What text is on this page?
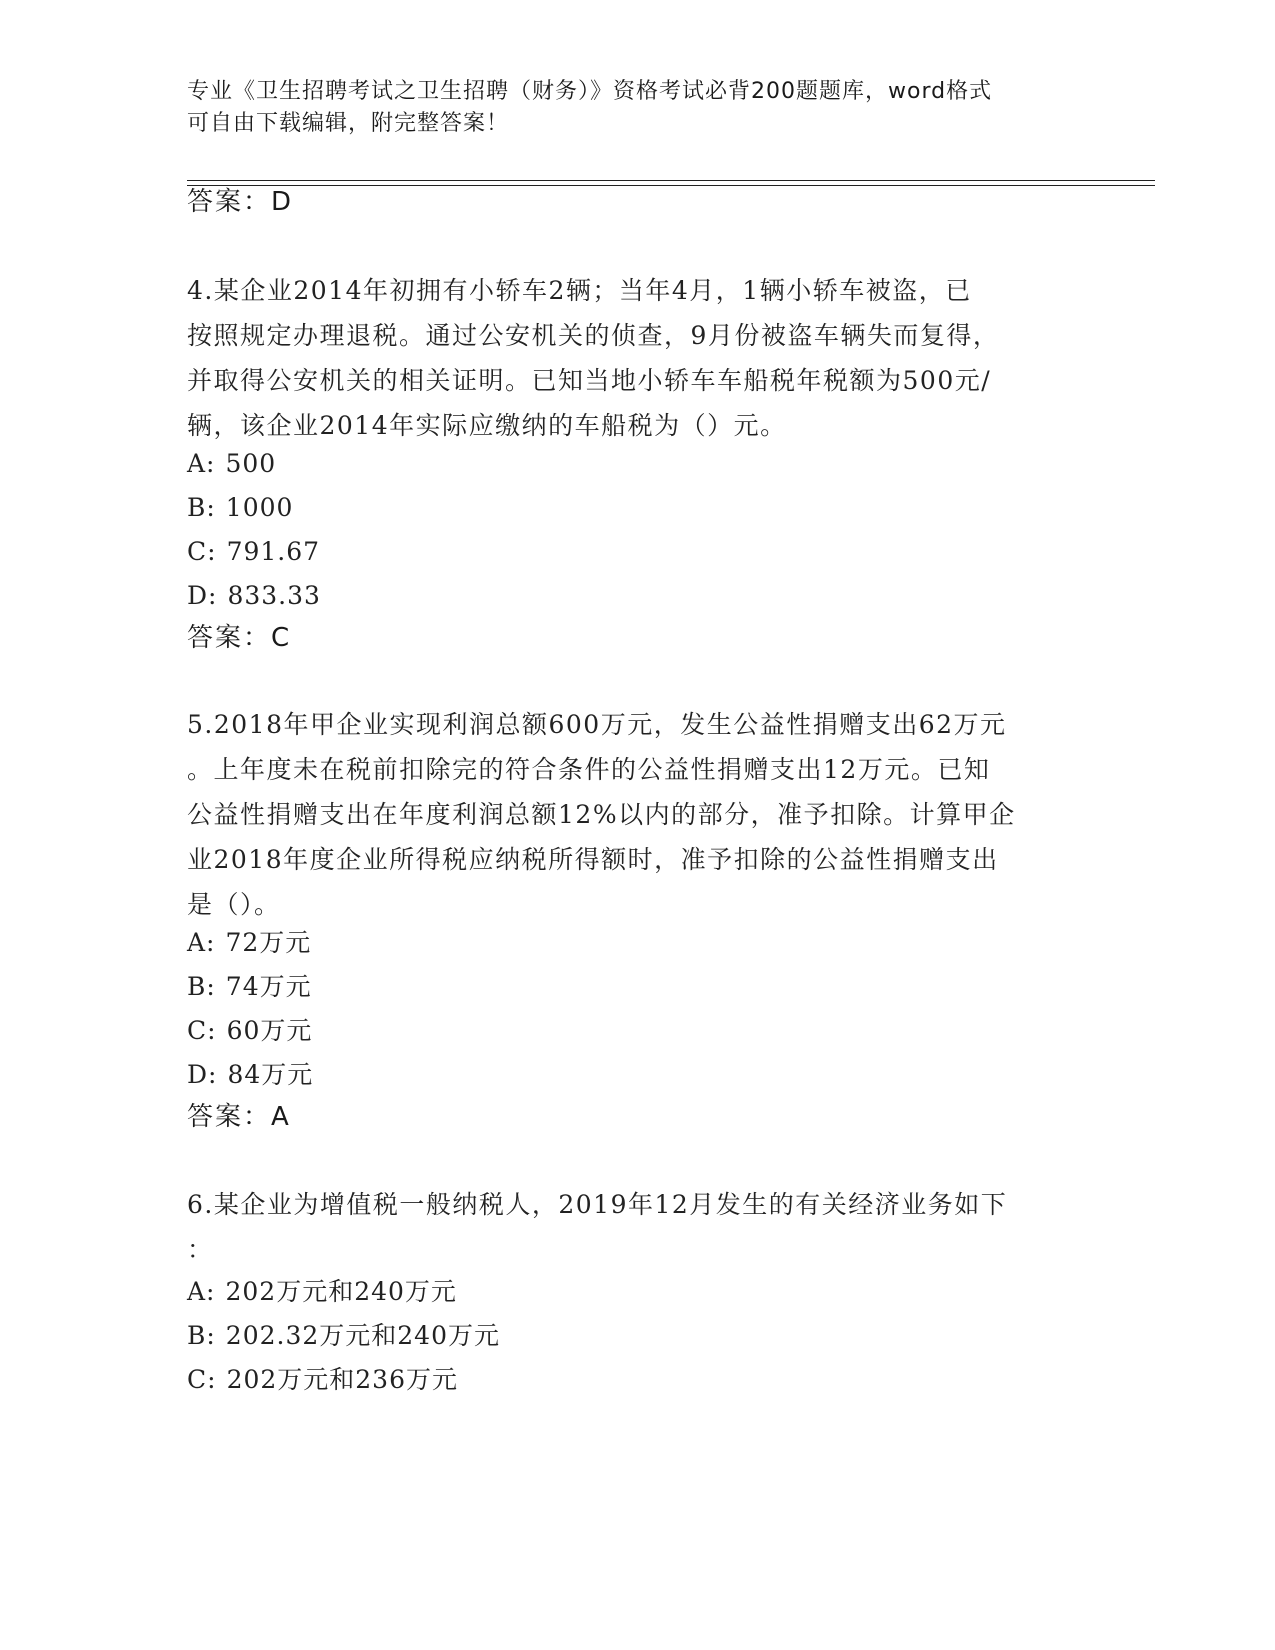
专业《卫生招聘考试之卫生招聘（财务）》资格考试必背200题题库，word格式
可自由下载编辑，附完整答案！
答案：D
4.某企业2014年初拥有小轿车2辆；当年4月，1辆小轿车被盗，已
按照规定办理退税。通过公安机关的侦查，9月份被盗车辆失而复得，
并取得公安机关的相关证明。已知当地小轿车车船税年税额为500元/
辆，该企业2014年实际应缴纳的车船税为（）元。
A: 500
B: 1000
C: 791.67
D: 833.33
答案：C
5.2018年甲企业实现利润总额600万元，发生公益性捐赠支出62万元
。上年度未在税前扣除完的符合条件的公益性捐赠支出12万元。已知
公益性捐赠支出在年度利润总额12%以内的部分，准予扣除。计算甲企
业2018年度企业所得税应纳税所得额时，准予扣除的公益性捐赠支出
是（）。
A: 72万元
B: 74万元
C: 60万元
D: 84万元
答案：A
6.某企业为增值税一般纳税人，2019年12月发生的有关经济业务如下
：
A: 202万元和240万元
B: 202.32万元和240万元
C: 202万元和236万元
